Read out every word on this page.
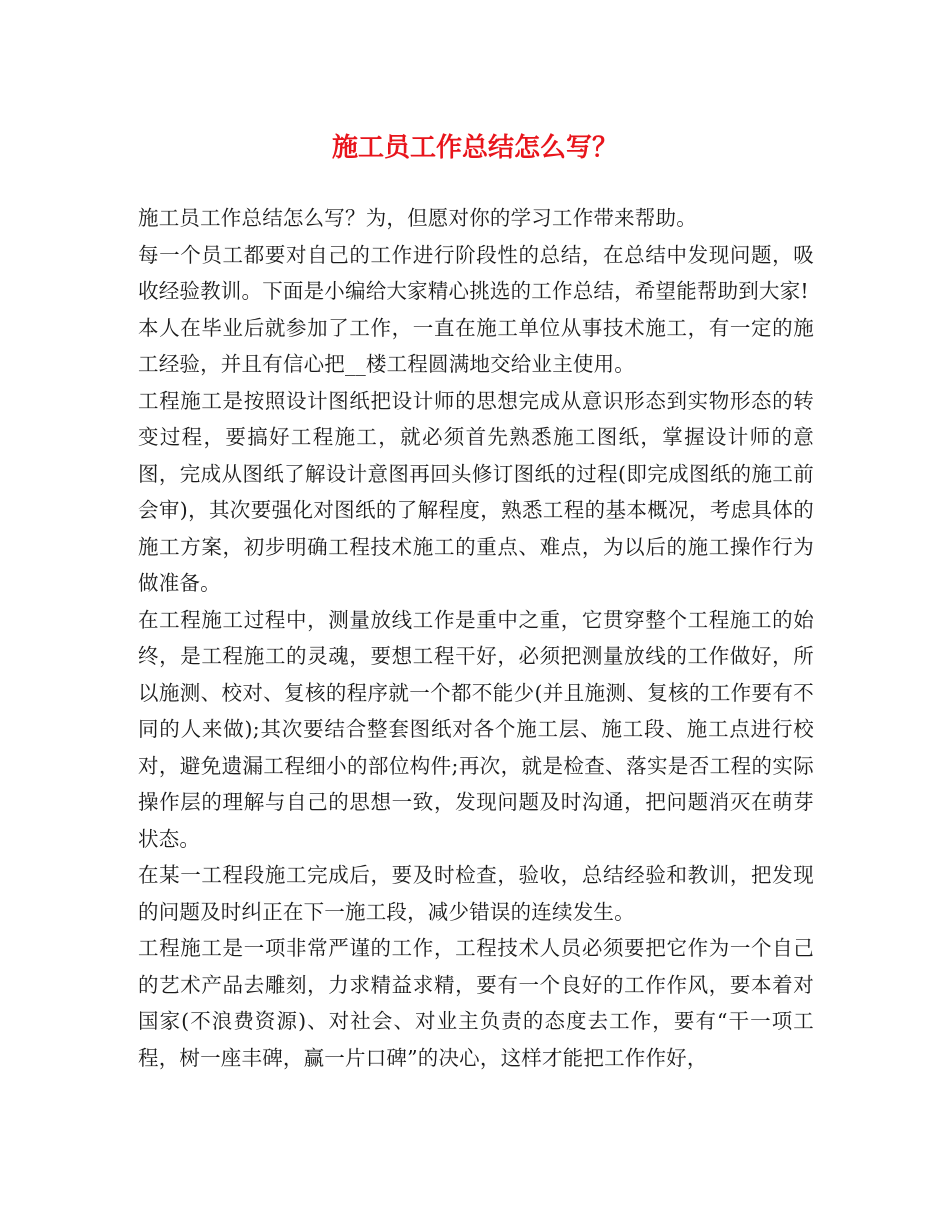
施工员工作总结怎么写？

施工员工作总结怎么写？为，但愿对你的学习工作带来帮助。

每一个员工都要对自己的工作进行阶段性的总结，在总结中发现问题，吸收经验教训。下面是小编给大家精心挑选的工作总结，希望能帮助到大家!

本人在毕业后就参加了工作，一直在施工单位从事技术施工，有一定的施工经验，并且有信心把__楼工程圆满地交给业主使用。

工程施工是按照设计图纸把设计师的思想完成从意识形态到实物形态的转变过程，要搞好工程施工，就必须首先熟悉施工图纸，掌握设计师的意图，完成从图纸了解设计意图再回头修订图纸的过程(即完成图纸的施工前会审)，其次要强化对图纸的了解程度，熟悉工程的基本概况，考虑具体的施工方案，初步明确工程技术施工的重点、难点，为以后的施工操作行为做准备。

在工程施工过程中，测量放线工作是重中之重，它贯穿整个工程施工的始终，是工程施工的灵魂，要想工程干好，必须把测量放线的工作做好，所以施测、校对、复核的程序就一个都不能少(并且施测、复核的工作要有不同的人来做);其次要结合整套图纸对各个施工层、施工段、施工点进行校对，避免遗漏工程细小的部位构件;再次，就是检查、落实是否工程的实际操作层的理解与自己的思想一致，发现问题及时沟通，把问题消灭在萌芽状态。

在某一工程段施工完成后，要及时检查，验收，总结经验和教训，把发现的问题及时纠正在下一施工段，减少错误的连续发生。

工程施工是一项非常严谨的工作，工程技术人员必须要把它作为一个自己的艺术产品去雕刻，力求精益求精，要有一个良好的工作作风，要本着对国家(不浪费资源)、对社会、对业主负责的态度去工作，要有“干一项工程，树一座丰碑，赢一片口碑”的决心，这样才能把工作作好，
